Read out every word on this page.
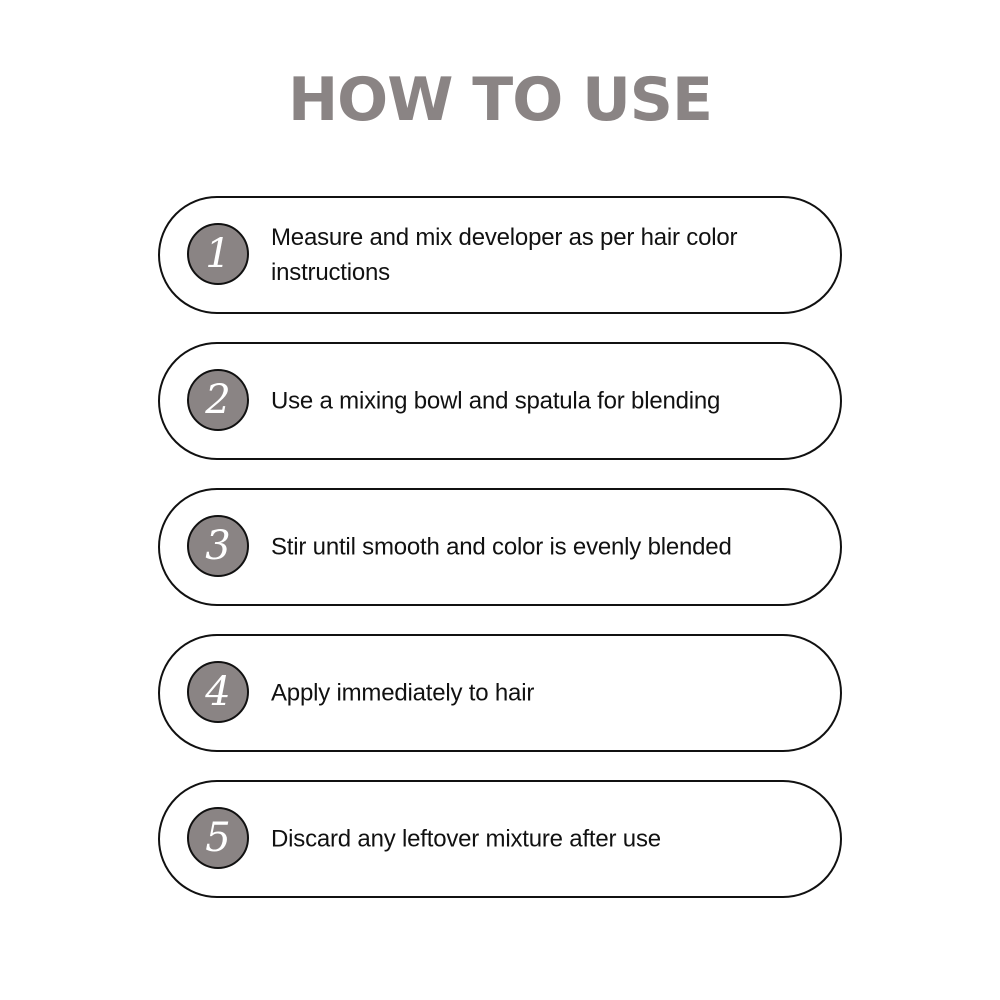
HOW TO USE
1	Measure and mix developer as per hair color instructions
2	Use a mixing bowl and spatula for blending
3	Stir until smooth and color is evenly blended
4	Apply immediately to hair
5	Discard any leftover mixture after use
